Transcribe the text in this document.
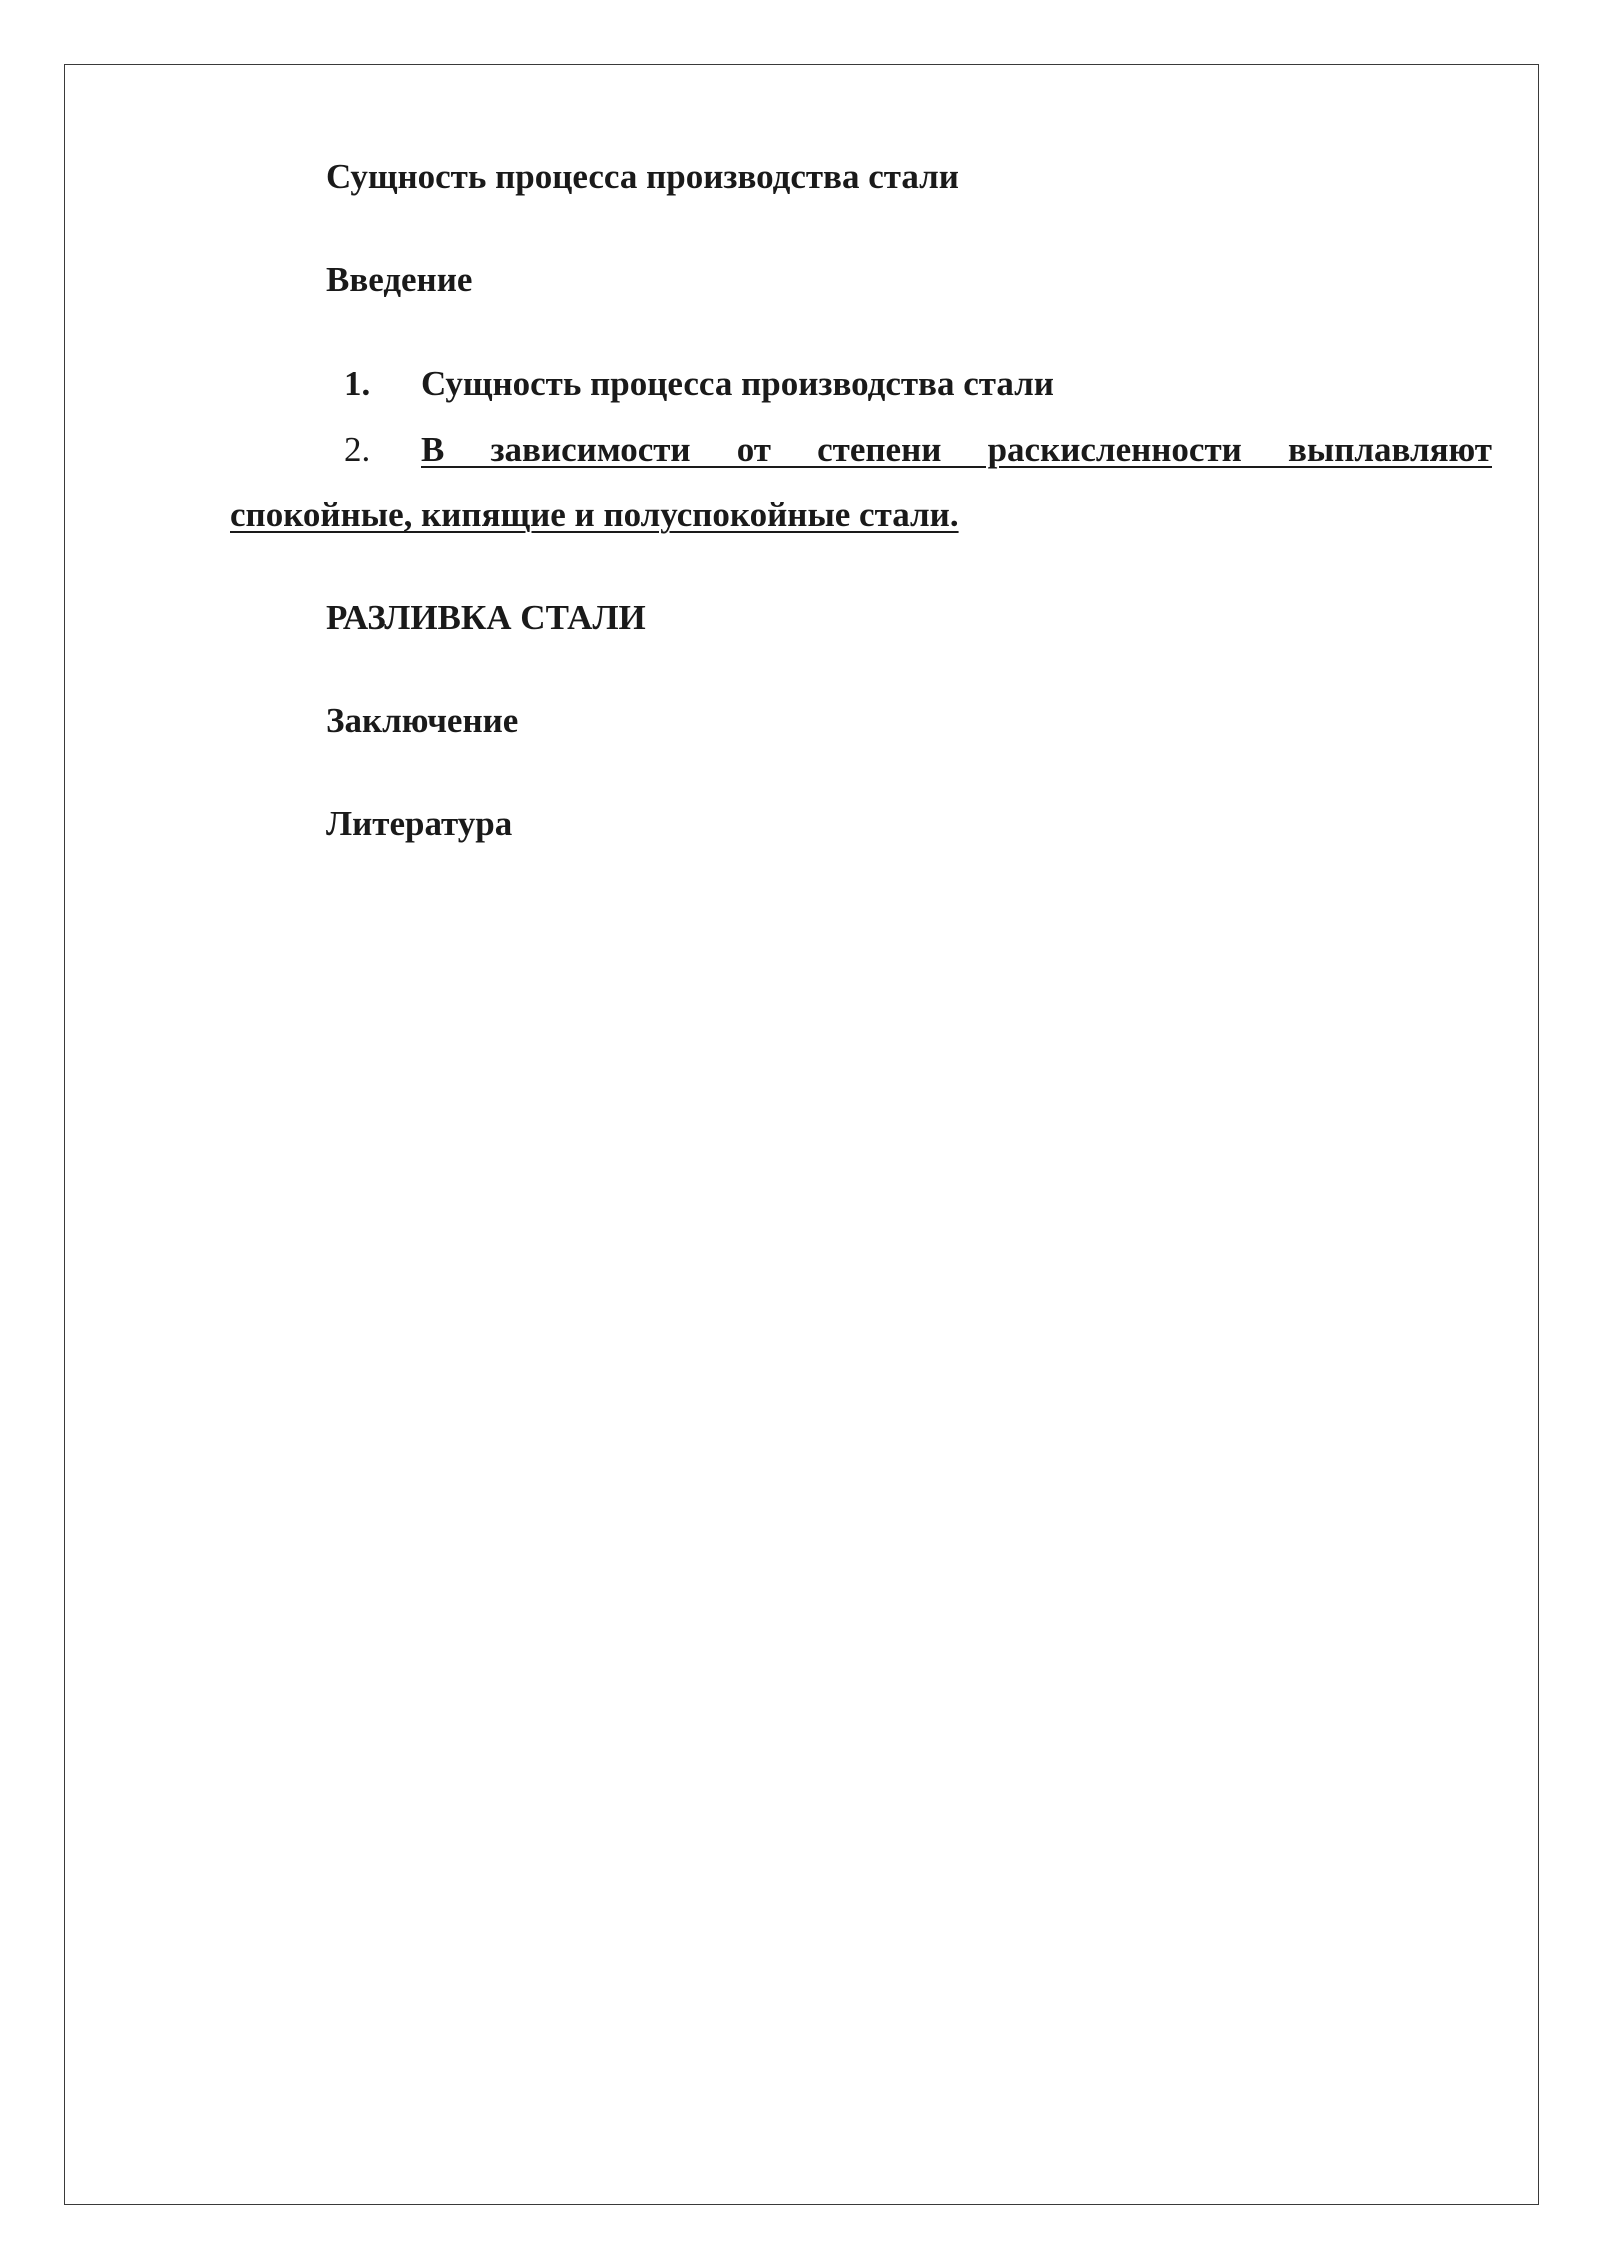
Сущность процесса производства стали
Введение
1. Сущность процесса производства стали
2. В зависимости от степени раскисленности выплавляют
спокойные, кипящие и полуспокойные стали.
РАЗЛИВКА СТАЛИ
Заключение
Литература
